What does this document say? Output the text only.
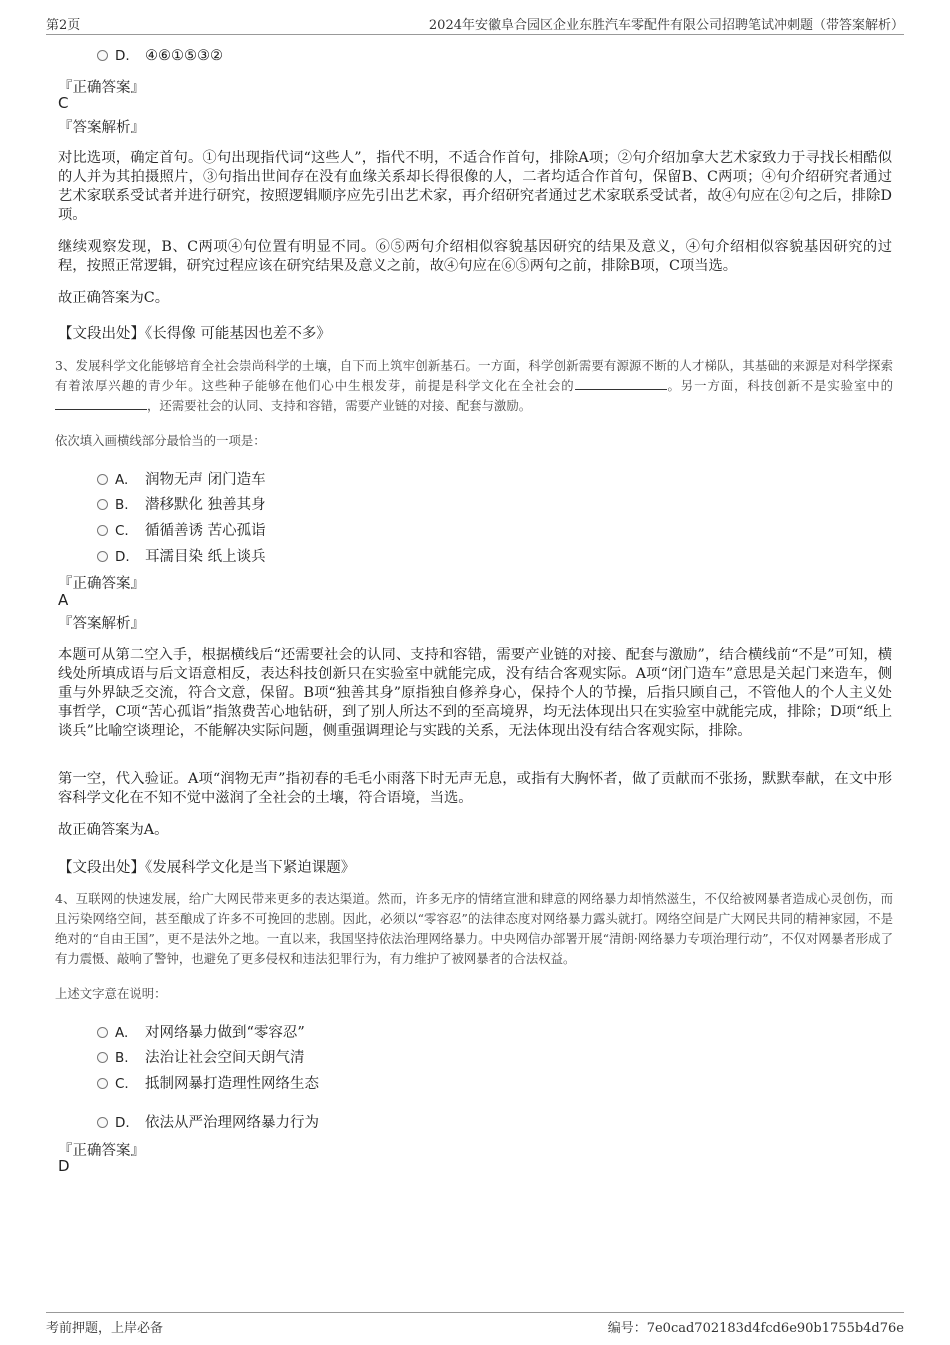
第2页	2024年安徽阜合园区企业东胜汽车零配件有限公司招聘笔试冲刺题（带答案解析）
D. ④⑥①⑤③②
『正确答案』
C
『答案解析』
对比选项，确定首句。①句出现指代词“这些人”，指代不明，不适合作首句，排除A项；②句介绍加拿大艺术家致力于寻找长相酷似的人并为其拍摄照片，③句指出世间存在没有血缘关系却长得很像的人，二者均适合作首句，保留B、C两项；④句介绍研究者通过艺术家联系受试者并进行研究，按照逻辑顺序应先引出艺术家，再介绍研究者通过艺术家联系受试者，故④句应在②句之后，排除D项。
继续观察发现，B、C两项④句位置有明显不同。⑥⑤两句介绍相似容貌基因研究的结果及意义，④句介绍相似容貌基因研究的过程，按照正常逻辑，研究过程应该在研究结果及意义之前，故④句应在⑥⑤两句之前，排除B项，C项当选。
故正确答案为C。
【文段出处】《长得像 可能基因也差不多》
3、发展科学文化能够培育全社会崇尚科学的土壤，自下而上筑牢创新基石。一方面，科学创新需要有源源不断的人才梯队，其基础的来源是对科学探索有着浓厚兴趣的青少年。这些种子能够在他们心中生根发芽，前提是科学文化在全社会的	。另一方面，科技创新不是实验室中的，还需要社会的认同、支持和容错，需要产业链的对接、配套与激励。
依次填入画横线部分最恰当的一项是：
A. 润物无声 闭门造车
B. 潜移默化 独善其身
C. 循循善诱 苦心孤诣
D. 耳濡目染 纸上谈兵
『正确答案』
A
『答案解析』
本题可从第二空入手，根据横线后“还需要社会的认同、支持和容错，需要产业链的对接、配套与激励”，结合横线前“不是”可知，横线处所填成语与后文语意相反，表达科技创新只在实验室中就能完成，没有结合客观实际。A项“闭门造车”意思是关起门来造车，侧重与外界缺乏交流，符合文意，保留。B项“独善其身”原指独自修养身心，保持个人的节操，后指只顾自己，不管他人的个人主义处事哲学，C项“苦心孤诣”指煞费苦心地钻研，到了别人所达不到的至高境界，均无法体现出只在实验室中就能完成，排除；D项“纸上谈兵”比喻空谈理论，不能解决实际问题，侧重强调理论与实践的关系，无法体现出没有结合客观实际，排除。
第一空，代入验证。A项“润物无声”指初春的毛毛小雨落下时无声无息，或指有大胸怀者，做了贡献而不张扬，默默奉献，在文中形容科学文化在不知不觉中滋润了全社会的土壤，符合语境，当选。
故正确答案为A。
【文段出处】《发展科学文化是当下紧迫课题》
4、互联网的快速发展，给广大网民带来更多的表达渠道。然而，许多无序的情绪宣泄和肆意的网络暴力却悄然滋生，不仅给被网暴者造成心灵创伤，而且污染网络空间，甚至酿成了许多不可挽回的悲剧。因此，必须以“零容忍”的法律态度对网络暴力露头就打。网络空间是广大网民共同的精神家园，不是绝对的“自由王国”，更不是法外之地。一直以来，我国坚持依法治理网络暴力。中央网信办部署开展“清朗·网络暴力专项治理行动”，不仅对网暴者形成了有力震慑、敲响了警钟，也避免了更多侵权和违法犯罪行为，有力维护了被网暴者的合法权益。
上述文字意在说明：
A. 对网络暴力做到“零容忍”
B. 法治让社会空间天朗气清
C. 抵制网暴打造理性网络生态
D. 依法从严治理网络暴力行为
『正确答案』
D
考前押题，上岸必备	编号：7e0cad702183d4fcd6e90b1755b4d76e
